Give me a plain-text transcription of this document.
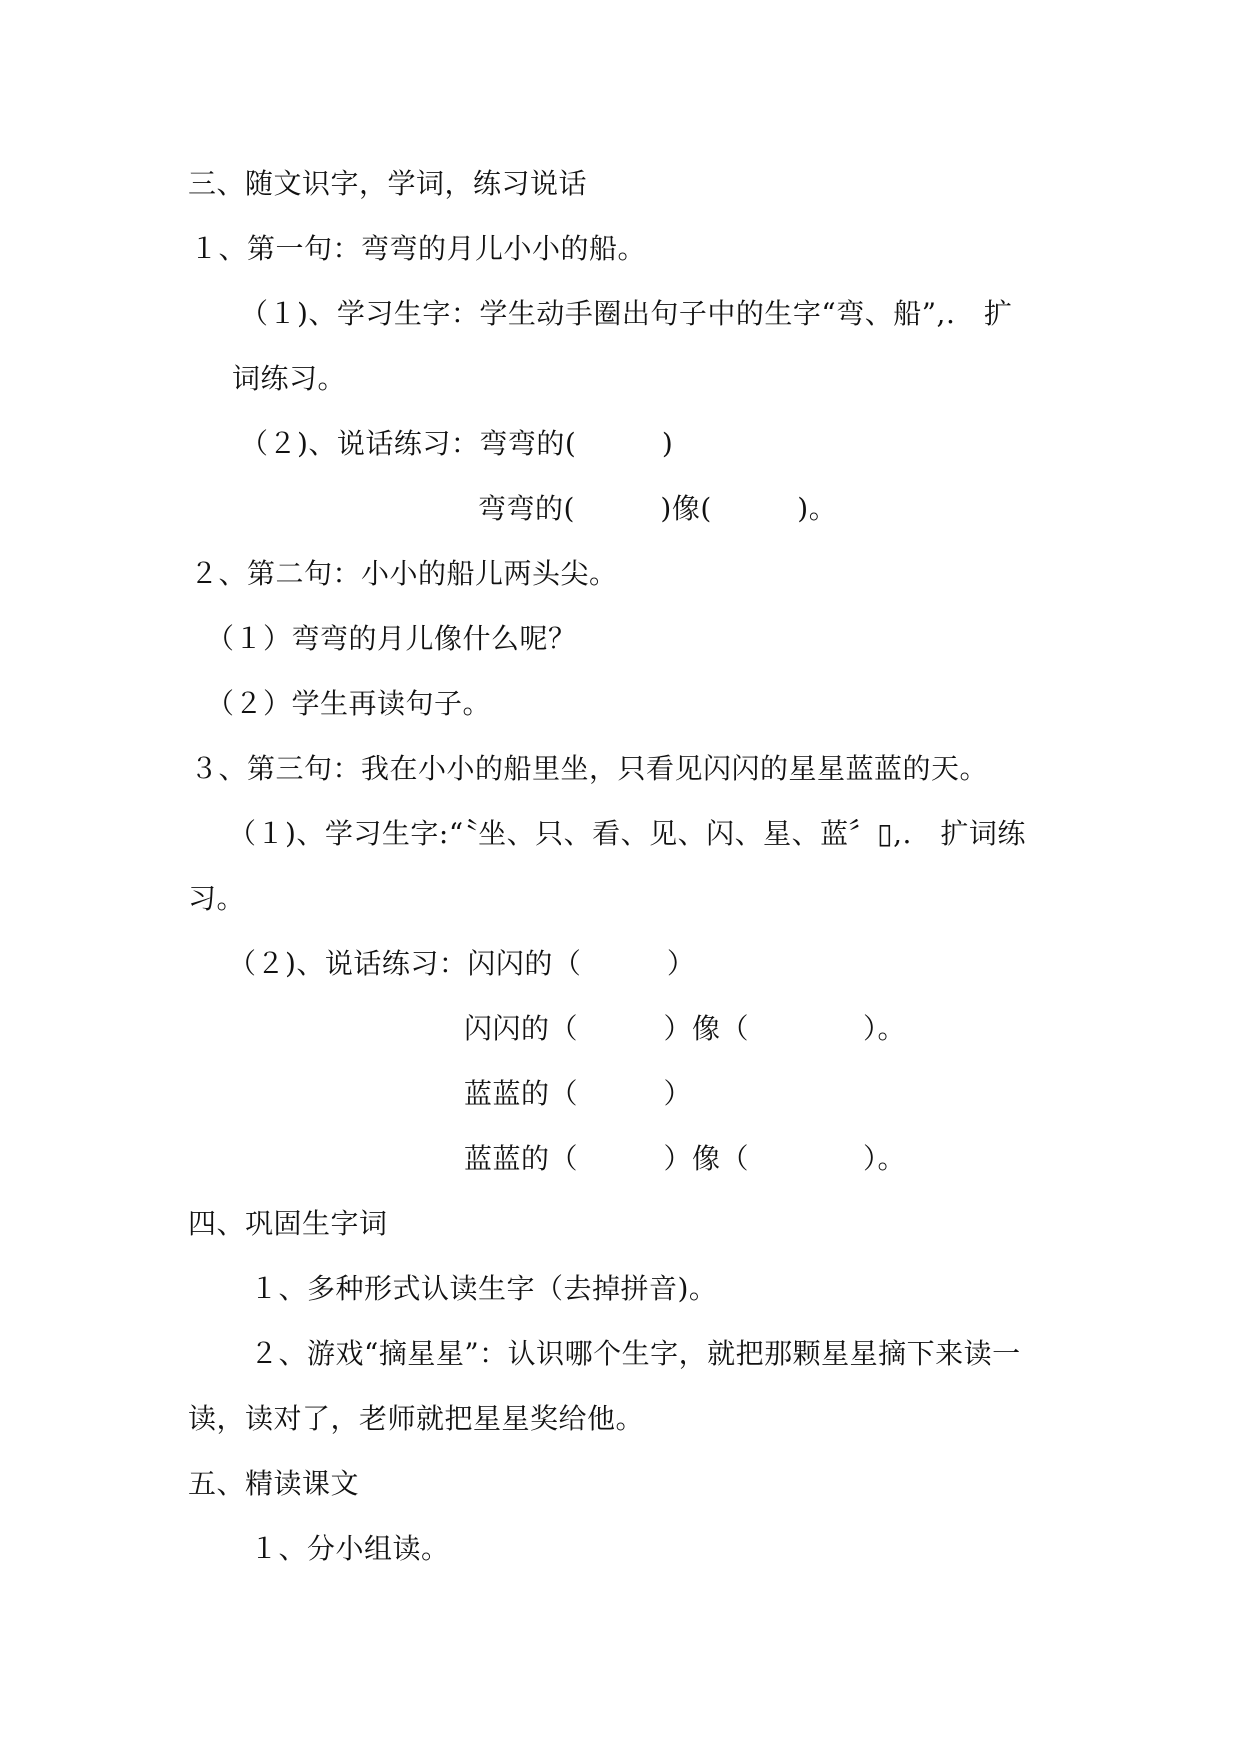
三、随文识字，学词，练习说话
１、第一句：弯弯的月儿小小的船。
（１)、学习生字：学生动手圈出句子中的生字“弯、船”,.　扩
词练习。
（２)、说话练习：弯弯的(　　　)
弯弯的(　　　)像(　　　)。
２、第二句：小小的船儿两头尖。
（１）弯弯的月儿像什么呢？
（２）学生再读句子。
３、第三句：我在小小的船里坐，只看见闪闪的星星蓝蓝的天。
（１)、学习生字:“〝坐、只、看、见、闪、星、蓝〞▯,.　扩词练
习。
（２)、说话练习：闪闪的（　　　）
闪闪的（　　　）像（　　　　）。
蓝蓝的（　　　）
蓝蓝的（　　　）像（　　　　）。
四、巩固生字词
１、多种形式认读生字（去掉拼音)。
２、游戏“摘星星”：认识哪个生字，就把那颗星星摘下来读一
读，读对了，老师就把星星奖给他。
五、精读课文
１、分小组读。
